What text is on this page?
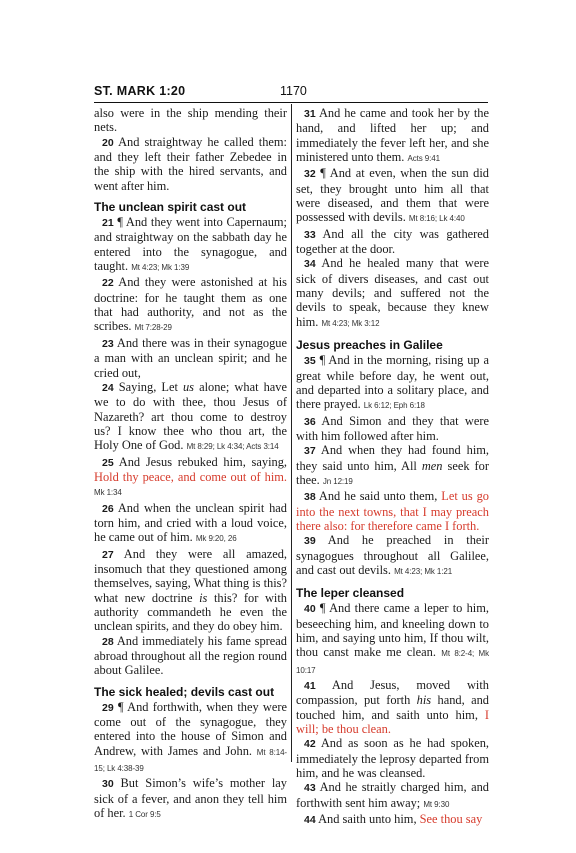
ST. MARK 1:20	1170

also were in the ship mending their nets.

20 And straightway he called them: and they left their father Zebedee in the ship with the hired servants, and went after him.

The unclean spirit cast out

21 ¶ And they went into Capernaum; and straightway on the sabbath day he entered into the synagogue, and taught. Mt 4:23; Mk 1:39

22 And they were astonished at his doctrine: for he taught them as one that had authority, and not as the scribes. Mt 7:28-29

23 And there was in their synagogue a man with an unclean spirit; and he cried out,

24 Saying, Let us alone; what have we to do with thee, thou Jesus of Nazareth? art thou come to destroy us? I know thee who thou art, the Holy One of God. Mt 8:29; Lk 4:34; Acts 3:14

25 And Jesus rebuked him, saying, Hold thy peace, and come out of him. Mk 1:34

26 And when the unclean spirit had torn him, and cried with a loud voice, he came out of him. Mk 9:20, 26

27 And they were all amazed, insomuch that they questioned among themselves, saying, What thing is this? what new doctrine is this? for with authority commandeth he even the unclean spirits, and they do obey him.

28 And immediately his fame spread abroad throughout all the region round about Galilee.

The sick healed; devils cast out

29 ¶ And forthwith, when they were come out of the synagogue, they entered into the house of Simon and Andrew, with James and John. Mt 8:14-15; Lk 4:38-39

30 But Simon’s wife’s mother lay sick of a fever, and anon they tell him of her. 1 Cor 9:5

31 And he came and took her by the hand, and lifted her up; and immediately the fever left her, and she ministered unto them. Acts 9:41

32 ¶ And at even, when the sun did set, they brought unto him all that were diseased, and them that were possessed with devils. Mt 8:16; Lk 4:40

33 And all the city was gathered together at the door.

34 And he healed many that were sick of divers diseases, and cast out many devils; and suffered not the devils to speak, because they knew him. Mt 4:23; Mk 3:12

Jesus preaches in Galilee

35 ¶ And in the morning, rising up a great while before day, he went out, and departed into a solitary place, and there prayed. Lk 6:12; Eph 6:18

36 And Simon and they that were with him followed after him.

37 And when they had found him, they said unto him, All men seek for thee. Jn 12:19

38 And he said unto them, Let us go into the next towns, that I may preach there also: for therefore came I forth.

39 And he preached in their synagogues throughout all Galilee, and cast out devils. Mt 4:23; Mk 1:21

The leper cleansed

40 ¶ And there came a leper to him, beseeching him, and kneeling down to him, and saying unto him, If thou wilt, thou canst make me clean. Mt 8:2-4; Mk 10:17

41 And Jesus, moved with compassion, put forth his hand, and touched him, and saith unto him, I will; be thou clean.

42 And as soon as he had spoken, immediately the leprosy departed from him, and he was cleansed.

43 And he straitly charged him, and forthwith sent him away; Mt 9:30

44 And saith unto him, See thou say
